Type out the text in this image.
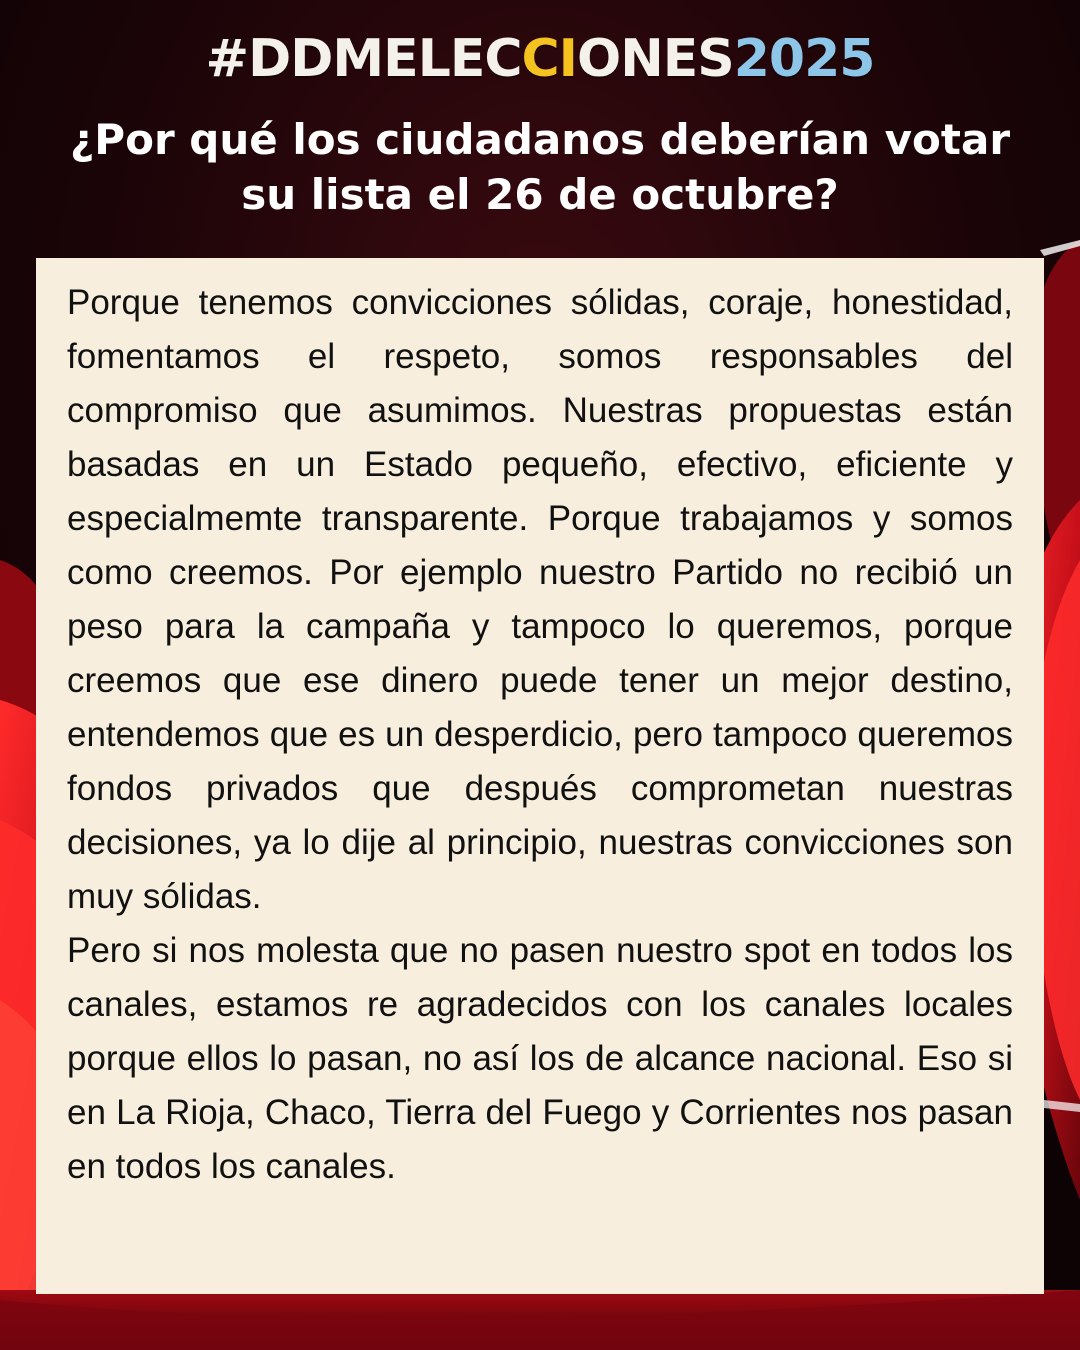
#DDMELECCIONES2025
¿Por qué los ciudadanos deberían votar su lista el 26 de octubre?

Porque tenemos convicciones sólidas, coraje, honestidad, fomentamos el respeto, somos responsables del compromiso que asumimos. Nuestras propuestas están basadas en un Estado pequeño, efectivo, eficiente y especialmemte transparente. Porque trabajamos y somos como creemos. Por ejemplo nuestro Partido no recibió un peso para la campaña y tampoco lo queremos, porque creemos que ese dinero puede tener un mejor destino, entendemos que es un desperdicio, pero tampoco queremos fondos privados que después comprometan nuestras decisiones, ya lo dije al principio, nuestras convicciones son muy sólidas.

Pero si nos molesta que no pasen nuestro spot en todos los canales, estamos re agradecidos con los canales locales porque ellos lo pasan, no así los de alcance nacional. Eso si en La Rioja, Chaco, Tierra del Fuego y Corrientes nos pasan en todos los canales.
